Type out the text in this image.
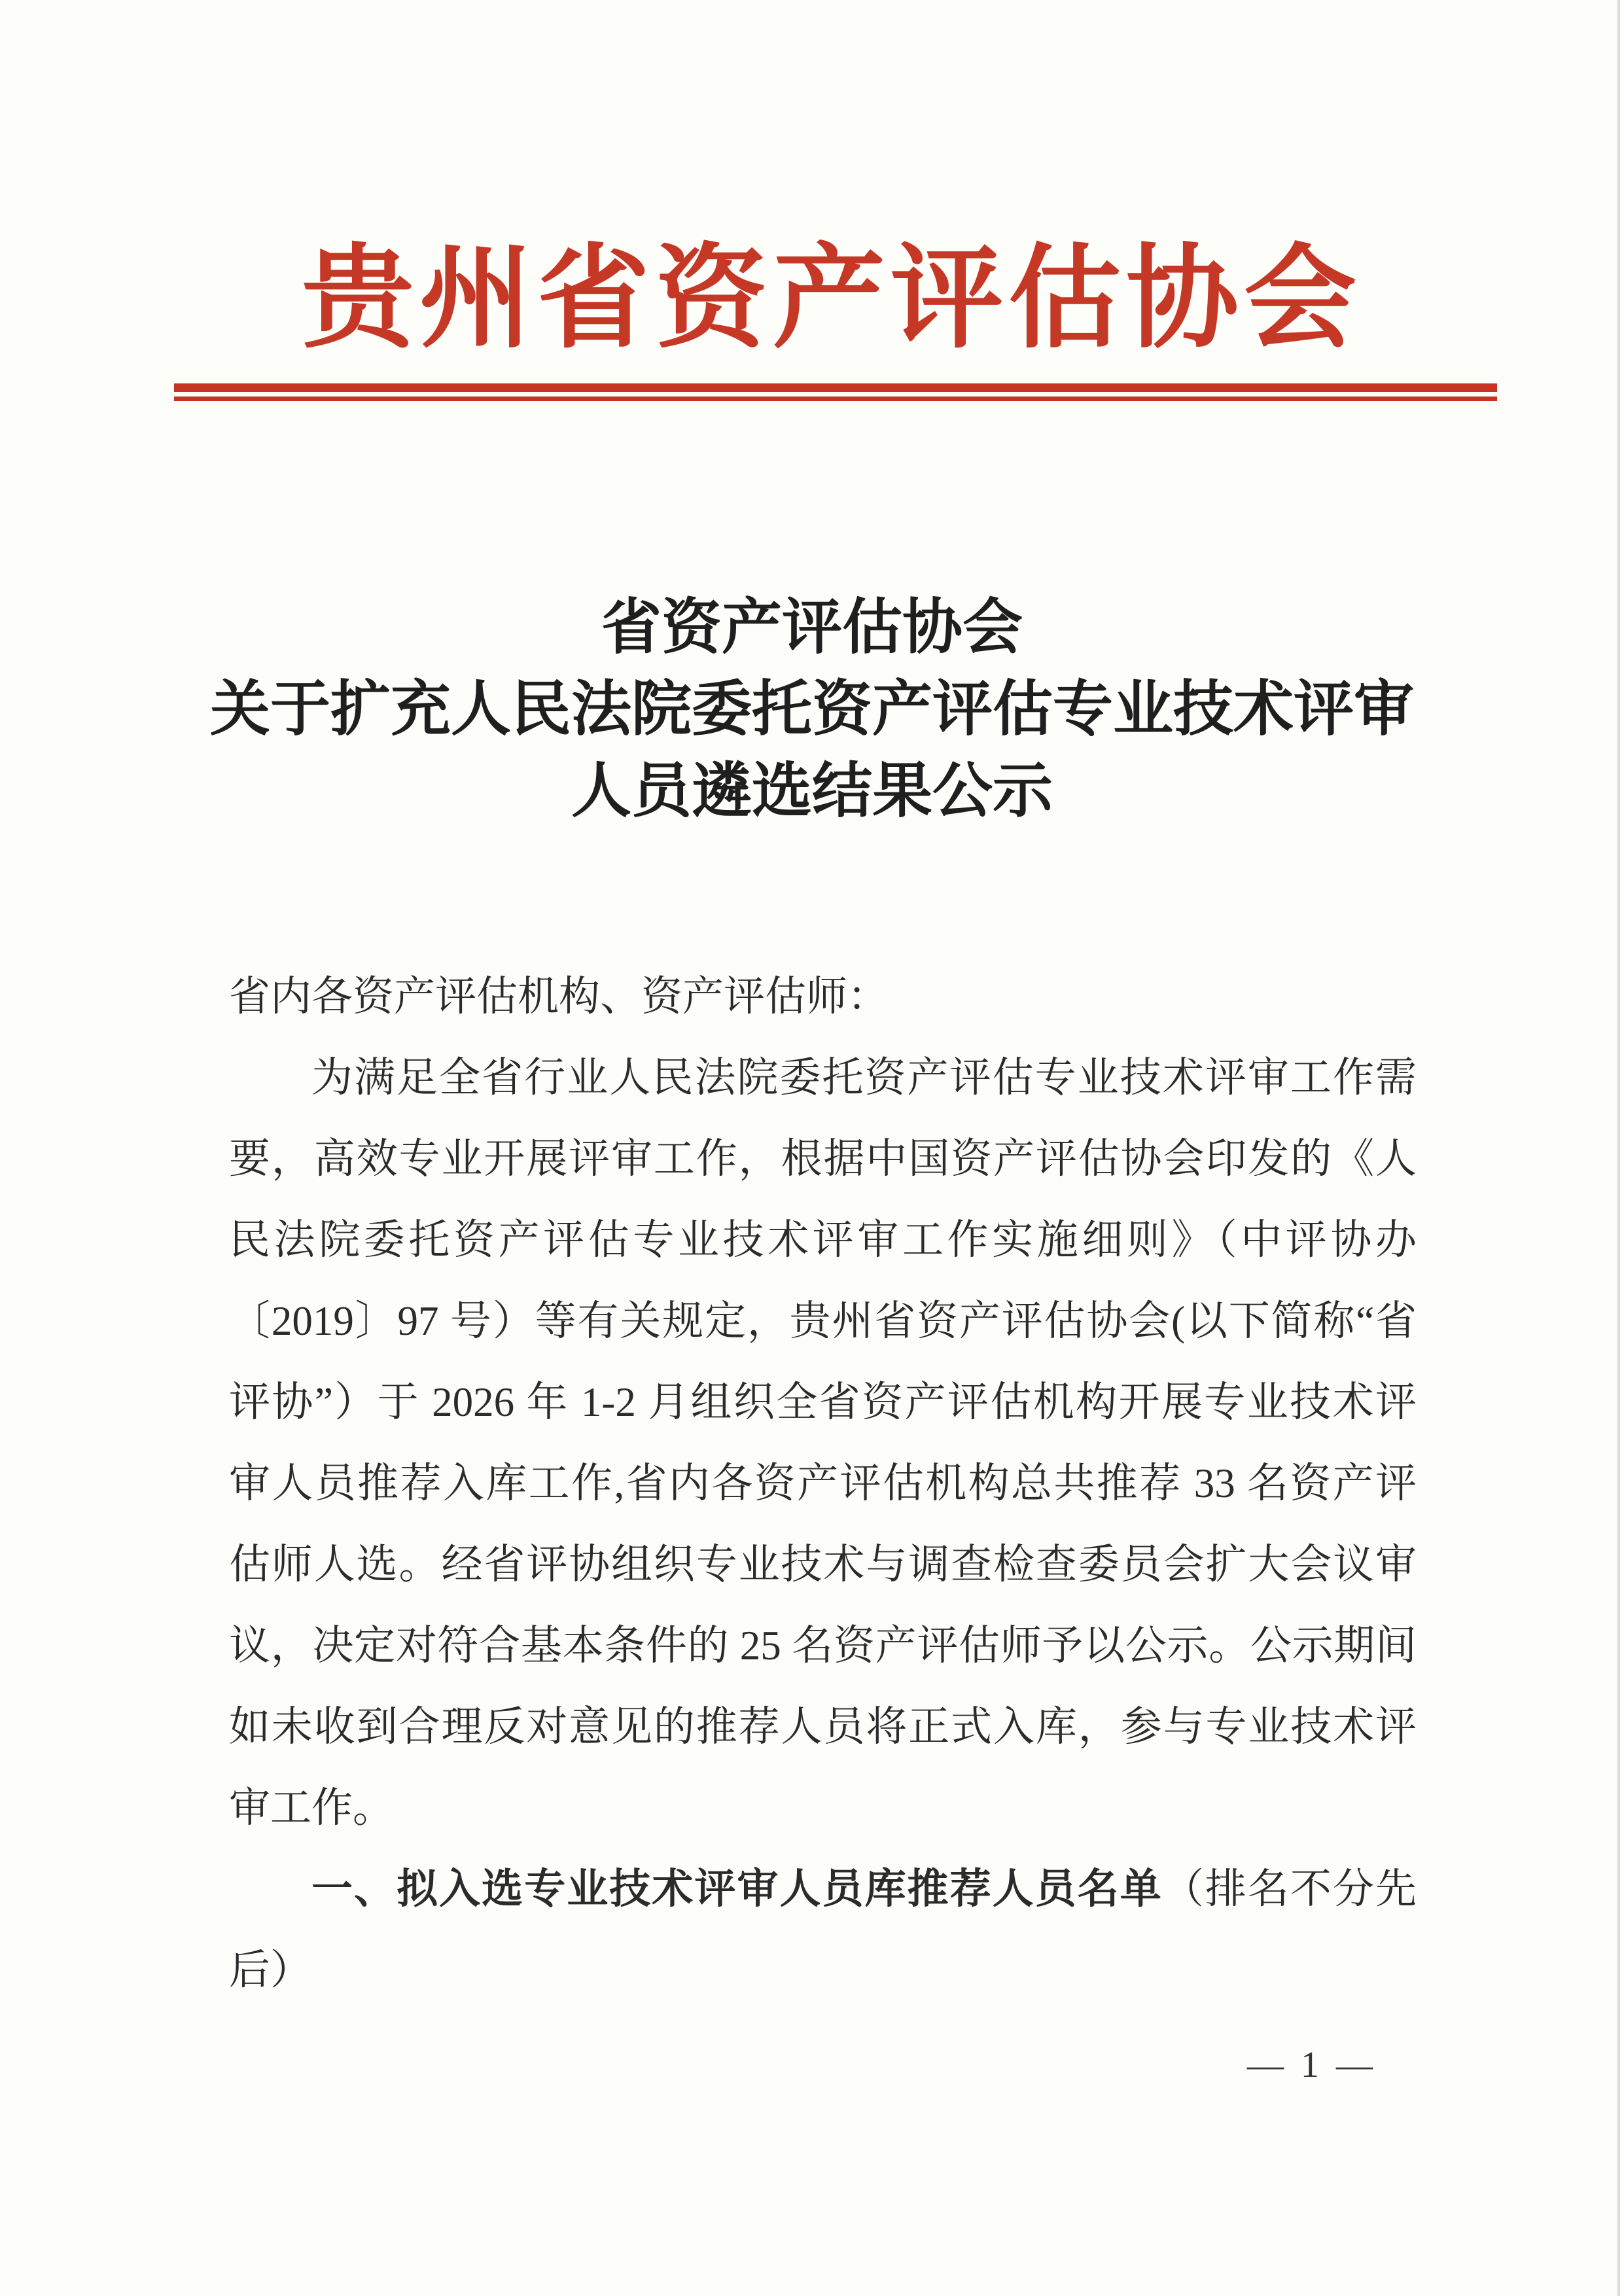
贵州省资产评估协会
省资产评估协会
关于扩充人民法院委托资产评估专业技术评审
人员遴选结果公示
省内各资产评估机构、资产评估师：
为满足全省行业人民法院委托资产评估专业技术评审工作需
要，高效专业开展评审工作，根据中国资产评估协会印发的《人
民法院委托资产评估专业技术评审工作实施细则》（中评协办
〔2019〕97 号）等有关规定，贵州省资产评估协会(以下简称“省
评协”）于 2026 年 1-2 月组织全省资产评估机构开展专业技术评
审人员推荐入库工作,省内各资产评估机构总共推荐 33 名资产评
估师人选。经省评协组织专业技术与调查检查委员会扩大会议审
议，决定对符合基本条件的 25 名资产评估师予以公示。公示期间
如未收到合理反对意见的推荐人员将正式入库，参与专业技术评
审工作。
一、拟入选专业技术评审人员库推荐人员名单（排名不分先
后）
— 1 —
